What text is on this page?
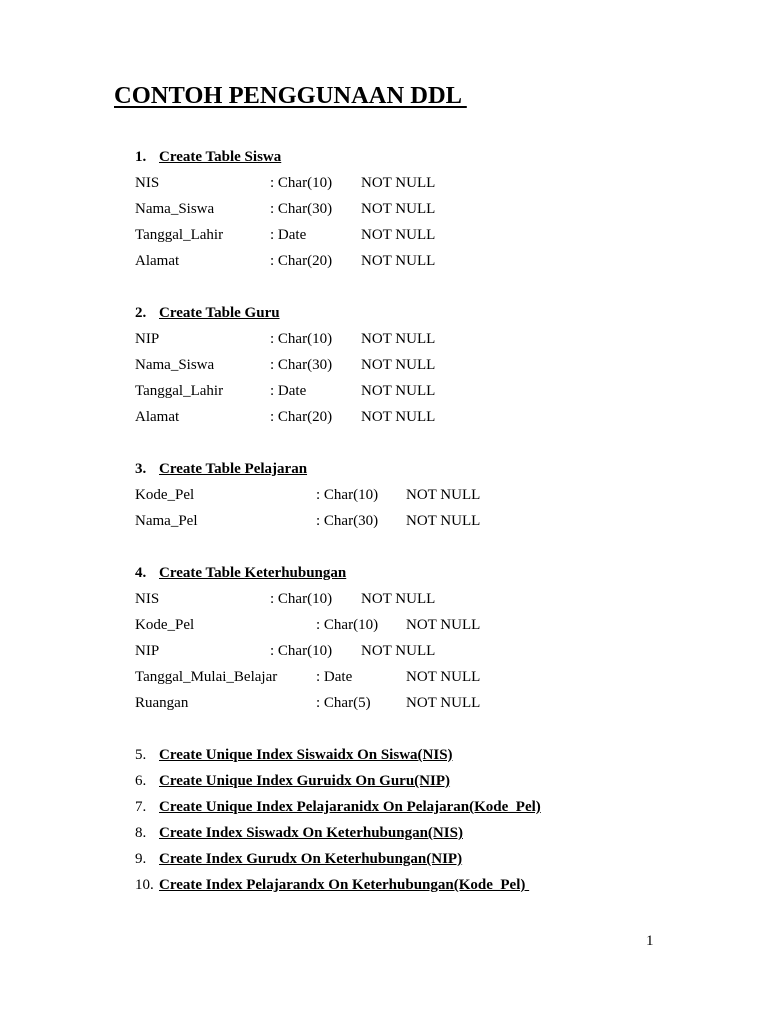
CONTOH PENGGUNAAN DDL
1. Create Table Siswa
NIS	: Char(10) NOT NULL
Nama_Siswa	: Char(30) NOT NULL
Tanggal_Lahir	: Date	NOT NULL
Alamat	: Char(20) NOT NULL
2. Create Table Guru
NIP	: Char(10) NOT NULL
Nama_Siswa	: Char(30) NOT NULL
Tanggal_Lahir	: Date	NOT NULL
Alamat	: Char(20) NOT NULL
3. Create Table Pelajaran
Kode_Pel	: Char(10) NOT NULL
Nama_Pel	: Char(30) NOT NULL
4. Create Table Keterhubungan
NIS	: Char(10) NOT NULL
Kode_Pel	: Char(10) NOT NULL
NIP	: Char(10) NOT NULL
Tanggal_Mulai_Belajar	: Date	NOT NULL
Ruangan	: Char(5) NOT NULL
5. Create Unique Index Siswaidx On Siswa(NIS)
6. Create Unique Index Guruidx On Guru(NIP)
7. Create Unique Index Pelajaranidx On Pelajaran(Kode_Pel)
8. Create Index Siswadx On Keterhubungan(NIS)
9. Create Index Gurudx On Keterhubungan(NIP)
10. Create Index Pelajarandx On Keterhubungan(Kode_Pel)
1
